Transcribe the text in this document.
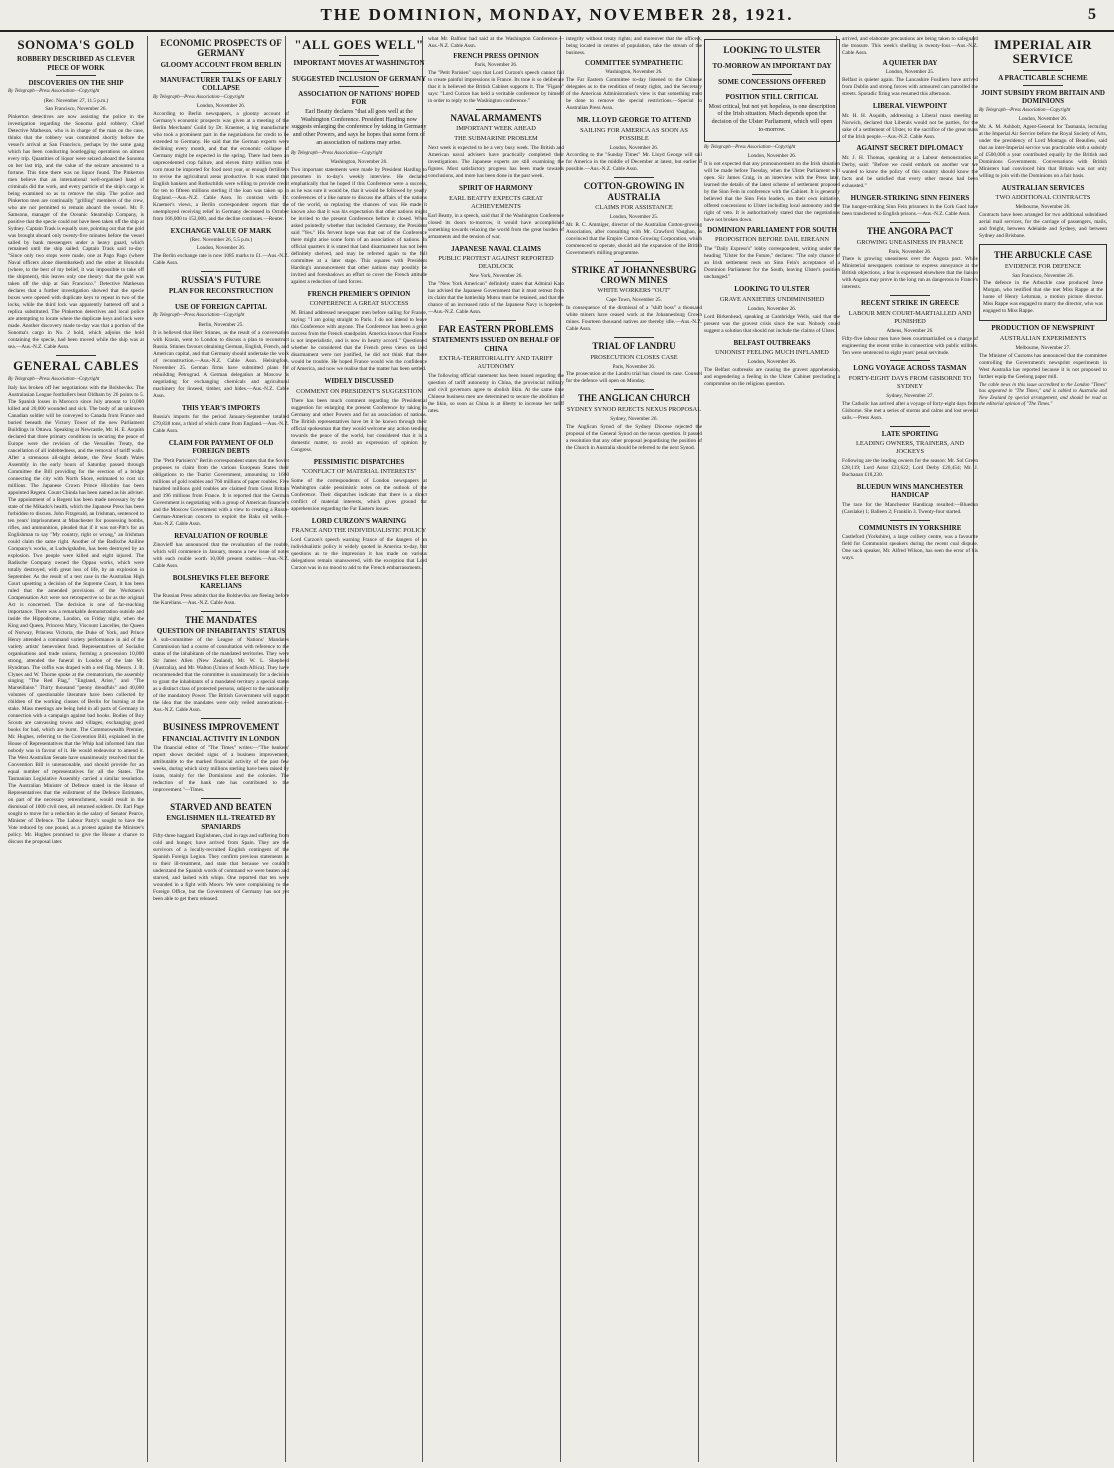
THE DOMINION, MONDAY, NOVEMBER 28, 1921.	5
SONOMA'S GOLD
ROBBERY DESCRIBED AS CLEVER PIECE OF WORK
DISCOVERIES ON THE SHIP
By Telegraph—Press Association—Copyright
(Rec. November 27, 11.5 p.m.)
San Francisco, November 26.
Pinkerton detectives are now assisting the police in the investigation regarding the Sonoma gold robbery. Chief Detective Matheson, who is in charge of the man on the case, thinks that the robbery was committed shortly before the vessel's arrival at San Francisco, perhaps by the same gang which has been conducting bootlegging operations on almost every trip. Quantities of liquor were seized aboard the Sonoma on her last trip, and the value of the seizure amounted to a fortune. This time there was no liquor found. The Pinkerton men believe that an international well-organised band of criminals did the work, and every particle of the ship's cargo is being examined so as to remove the ship. The police and Pinkerton men are continually "grilling" members of the crew, who are not permitted to remain aboard the vessel. Mr. F. Samsonn, manager of the Oceanic Steamship Company, is positive that the specie could not have been taken off the ship at Sydney. Captain Trask is equally sure, pointing out that the gold was brought aboard only twenty-five minutes before the vessel sailed by bank messengers under a heavy guard, which remained until the ship sailed. Captain Trask said to-day: "Since only two stops were made, one at Pago Pago (where Naval officers alone disembarked) and the other at Honolulu (where, to the best of my belief, it was impossible to take off the shipment), this leaves only one theory: that the gold was taken off the ship at San Francisco." Detective Matheson declares that a further investigation showed that the specie boxes were opened with duplicate keys to repeat in two of the locks, while the third lock was apparently battered off and a replica substituted. The Pinkerton detectives and local police are attempting to locate where the duplicate keys and lock were made. Another discovery made to-day was that a portion of the Sonoma's cargo in No. 2 hold, which adjoins the hold containing the specie, had been moved while the ship was at sea.—Aus.-N.Z. Cable Assn.
GENERAL CABLES
By Telegraph—Press Association—Copyright
Italy has broken off her negotiations with the Bolsheviks. The Australasian League footballers beat Oldham by 26 points to 5. The Spanish losses in Morocco since July amount to 10,000 killed and 20,000 wounded and sick. The body of an unknown Canadian soldier will be conveyed to Canada from France and buried beneath the Victory Tower of the new Parliament Buildings in Ottawa. Speaking at Newcastle, Mr. H. E. Asquith declared that three primary conditions in securing the peace of Europe were the revision of the Versailles Treaty, the cancellation of all indebtedness, and the removal of tariff walls. After a strenuous all-night debate, the New South Wales Assembly in the early hours of Saturday passed through Committee the Bill providing for the erection of a bridge connecting the city with North Shore, estimated to cost six millions. The Japanese Crown Prince Hirohito has been appointed Regent. Count Chinda has been named as his adviser. The appointment of a Regent has been made necessary by the state of the Mikado's health, which the Japanese Press has been forbidden to discuss. John Fitzgerald, an Irishman, sentenced to ten years' imprisonment at Manchester for possessing bombs, rifles, and ammunition, pleaded that if it was not-Pitt's for an Englishman to say "My country, right or wrong," an Irishman could claim the same right. Another of the Badische Aniline Company's works, at Ludwigshafen, has been destroyed by an explosion. Two people were killed and eight injured. The Badische Company owned the Oppau works, which were totally destroyed, with great loss of life, by an explosion in September. As the result of a test case in the Australian High Court upsetting a decision of the Supreme Court, it has been ruled that the amended provisions of the Workmen's Compensation Act were not retrospective so far as the original Act is concerned. The decision is one of far-reaching importance. There was a remarkable demonstration outside and inside the Hippodrome, London, on Friday night, when the King and Queen, Princess Mary, Viscount Lascelles, the Queen of Norway, Princess Victoria, the Duke of York, and Prince Henry attended a command variety performance in aid of the variety artists' benevolent fund. Representatives of Socialist organisations and trade unions, forming a procession 10,000 strong, attended the funeral in London of the late Mr. Hyndman. The coffin was draped with a red flag. Messrs. J. R. Clynes and W. Thorne spoke at the crematorium, the assembly singing "The Red Flag," "England, Arise," and "The Marseillaise." Thirty thousand "penny dreadfuls" and 40,000 volumes of questionable literature have been collected by children of the working classes of Berlin for burning at the stake. Mass meetings are being held in all parts of Germany in connection with a campaign against bad books. Bodies of Boy Scouts are canvassing towns and villages, exchanging good books for bad, which are burnt. The Commonwealth Premier, Mr. Hughes, referring to the Convention Bill, explained in the House of Representatives that the Whip had informed him that nobody was in favour of it. He would endeavour to amend it. The West Australian Senate have unanimously resolved that the Convention Bill is unreasonable, and should provide for an equal number of representatives for all the States. The Tasmanian Legislative Assembly carried a similar resolution. The Australian Minister of Defence stated in the House of Representatives that the enlistment of the Defence Estimates, on part of the necessary retrenchment, would result in the dismissal of 1000 civil men, all returned soldiers. Dr. Earl Page sought to move for a reduction in the salary of Senator Pearce, Minister of Defence. The Labour Party's sought to have the Vote reduced by one pound, as a protest against the Minister's policy. Mr. Hughes promised to give the House a chance to discuss the proposal later.
ECONOMIC PROSPECTS OF GERMANY
GLOOMY ACCOUNT FROM BERLIN
MANUFACTURER TALKS OF EARLY COLLAPSE
By Telegraph—Press Association—Copyright
London, November 26.
According to Berlin newspapers, a gloomy account of Germany's economic prospects was given at a meeting of the Berlin Merchants' Guild by Dr. Kraemer, a big manufacturer who took a prominent part in the negotiations for credit to be extended to Germany. He said that the German exports were declining every month, and that the economic collapse of Germany might be expected in the spring. There had been an unprecedented crop failure, and eleven thirty million tons of corn must be imported for food next year, or enough fertilisers to revise the agricultural areas productive. It was stated that English bankers and Rothschilds were willing to provide credit for ten to fifteen millions sterling if the loan was taken up in England.—Aus.-N.Z. Cable Assn. In contrast with Dr. Kraemer's views, a Berlin correspondent reports that the unemployed receiving relief in Germany decreased in October from 166,000 to 152,000, and the decline continues.—Reuter.
EXCHANGE VALUE OF MARK
(Rec. November 26, 5.5 p.m.)
London, November 26.
The Berlin exchange rate is now 1085 marks to £1.—Aus.-N.Z. Cable Assn.
RUSSIA'S FUTURE
PLAN FOR RECONSTRUCTION
USE OF FOREIGN CAPITAL
By Telegraph—Press Association—Copyright
Berlin, November 25.
It is believed that Herr Stinnes, as the result of a conversation with Krasin, went to London to discuss a plan to reconstruct Russia. Stinnes favours obtaining German, English, French, and American capital, and that Germany should undertake the work of reconstruction.—Aus.-N.Z. Cable Assn. Helsingfors, November 25. German firms have submitted plans for rebuilding Petrograd. A German delegation at Moscow is negotiating for exchanging chemicals and agricultural machinery for linseed, timber, and hides.—Aus.-N.Z. Cable Assn.
THIS YEAR'S IMPORTS
Russia's imports for the period January-September totalled £79,838 tons, a third of which came from England.—Aus.-N.Z. Cable Assn.
CLAIM FOR PAYMENT OF OLD FOREIGN DEBTS
The "Petit Parisien's" Berlin correspondent states that the Soviet proposes to claim from the various European States their obligations to the Tsarist Government, amounting to 1660 millions of gold roubles and 760 millions of paper roubles. Five hundred millions gold roubles are claimed from Great Britain and 196 millions from France. It is reported that the German Government is negotiating with a group of American financiers and the Moscow Government with a view to creating a Russo-German-American concern to exploit the Baku oil wells.—Aus.-N.Z. Cable Assn.
REVALUATION OF ROUBLE
Zinovieff has announced that the revaluation of the rouble, which will commence in January, means a new issue of notes with each rouble worth 10,000 present roubles.—Aus.-N.Z. Cable Assn.
BOLSHEVIKS FLEE BEFORE KARELIANS
The Russian Press admits that the Bolsheviks are fleeing before the Karelians.—Aus.-N.Z. Cable Assn.
THE MANDATES
QUESTION OF INHABITANTS' STATUS
A sub-committee of the League of Nations' Mandates Commission had a course of consultation with reference to the status of the inhabitants of the mandated territories. They were Sir James Allen (New Zealand), Mr. W. L. Shepherd (Australia), and Mr. Walton (Union of South Africa). They have recommended that the committee is unanimously for a decision to grant the inhabitants of a mandated territory a special status as a distinct class of protected persons, subject to the nationality of the mandatory Power. The British Government will support the idea that the mandates were only veiled annexations.—Aus.-N.Z. Cable Assn.
BUSINESS IMPROVEMENT
FINANCIAL ACTIVITY IN LONDON
The financial editor of "The Times" writes:—"The bankers' report shows decided signs of a business improvement, attributable to the marked financial activity of the past few weeks, during which sixty millions sterling have been raised by loans, mainly for the Dominions and the colonies. The reduction of the bank rate has contributed to the improvement."—Times.
STARVED AND BEATEN
ENGLISHMEN ILL-TREATED BY SPANIARDS
Fifty-three haggard Englishmen, clad in rags and suffering from cold and hunger, have arrived from Spain. They are the survivors of a locally-recruited English contingent of the Spanish Foreign Legion. They confirm previous statements as to their ill-treatment, and state that because we couldn't understand the Spanish words of command we were beaten and starved, and lashed with whips. One reported that ten were wounded in a fight with Moors. We were complaining to the Foreign Office, but the Government of Germany has not yet been able to get them released.
"ALL GOES WELL"
IMPORTANT MOVES AT WASHINGTON
SUGGESTED INCLUSION OF GERMANY
ASSOCIATION OF NATIONS' HOPED FOR
Earl Beatty declares "that all goes well at the Washington Conference. President Harding now suggests enlarging the conference by taking in Germany and other Powers, and says he hopes that some form of an association of nations may arise.
By Telegraph—Press Association—Copyright
Washington, November 26.
Two important statements were made by President Harding to pressmen in to-day's weekly interview. He declared emphatically that he hoped if this Conference were a success, as he was sure it would be, that it would be followed by yearly conferences of a like nature to discuss the affairs of the nations of the world, so replacing the chances of war. He made it known also that it was his expectation that other nations might be invited to the present Conference before it closed. When asked pointedly whether that included Germany, the President said "Yes." His fervent hope was that out of the Conference there might arise some form of an association of nations. In official quarters it is stated that land disarmament has not been definitely shelved, and may be referred again to the full committee at a later stage. This squares with President Harding's announcement that other nations may possibly be invited and foreshadows an effort to cover the French attitude against a reduction of land forces.
FRENCH PREMIER'S OPINION
CONFERENCE A GREAT SUCCESS
M. Briand addressed newspaper men before sailing for France, saying: "I am going straight to Paris. I do not intend to leave this Conference with anyone. The Conference has been a great success from the French standpoint. America knows that France is not imperialistic, and is now in hearty accord." Questioned whether he considered that the French press views on land disarmament were not justified, he did not think that there would be trouble. He hoped France would win the confidence of America, and now we realise that the matter has been settled.
WIDELY DISCUSSED
COMMENT ON PRESIDENT'S SUGGESTION
There has been much comment regarding the Presidential suggestion for enlarging the present Conference by taking in Germany and other Powers and for an association of nations. The British representatives have let it be known through their official spokesman that they would welcome any action tending towards the peace of the world, but considered that it is a domestic matter, to avoid an expression of opinion by Congress.
PESSIMISTIC DISPATCHES
"CONFLICT OF MATERIAL INTERESTS"
Some of the correspondents of London newspapers at Washington cable pessimistic notes on the outlook of the Conference. Their dispatches indicate that there is a direct conflict of material interests, which gives ground for apprehension regarding the Far Eastern issues.
LORD CURZON'S WARNING
FRANCE AND THE INDIVIDUALISTIC POLICY
Lord Curzon's speech warning France of the dangers of an individualistic policy is widely quoted in America to-day, but questions as to the impression it has made on various delegations remain unanswered, with the exception that Lord Curzon was in no mood to add to the French embarrassments.
what Mr. Balfour had said at the Washington Conference.—Aus.-N.Z. Cable Assn.
FRENCH PRESS OPINION
Paris, November 26.
The "Petit Parisien" says that Lord Curzon's speech cannot fail to create painful impressions in France. Its tone is so deliberate that it is believed the British Cabinet supports it. The "Figaro" says: "Lord Curzon has held a veritable conference by himself in order to reply to the Washington conference."
NAVAL ARMAMENTS
IMPORTANT WEEK AHEAD
THE SUBMARINE PROBLEM
Next week is expected to be a very busy week. The British and American naval advisers have practically completed their investigations. The Japanese experts are still examining the figures. Most satisfactory progress has been made towards conclusions, and more has been done in the past week.
SPIRIT OF HARMONY
EARL BEATTY EXPECTS GREAT ACHIEVEMENTS
Earl Beatty, in a speech, said that if the Washington Conference closed its doors to-morrow, it would have accomplished something towards relaxing the world from the great burden of armaments and the tension of war.
JAPANESE NAVAL CLAIMS
PUBLIC PROTEST AGAINST REPORTED DEADLOCK
New York, November 26.
The "New York American" definitely states that Admiral Kato has advised the Japanese Government that it must retreat from its claim that the battleship Mutsu must be retained, and that the chance of an increased ratio of the Japanese Navy is hopeless.—Aus.-N.Z. Cable Assn.
FAR EASTERN PROBLEMS
STATEMENTS ISSUED ON BEHALF OF CHINA
EXTRA-TERRITORIALITY AND TARIFF AUTONOMY
The following official statement has been issued regarding the question of tariff autonomy in China, the provincial military and civil governors agree to abolish likin. At the same time Chinese business men are determined to secure the abolition of the likin, so soon as China is at liberty to increase her tariff rates.
integrity without treaty rights; and moreover that the officers, being located in centres of population, take the stream of the business.
COMMITTEE SYMPATHETIC
Washington, November 26.
The Far Eastern Committee to-day listened to the Chinese delegates as to the rendition of treaty rights, and the Secretary of the American Administration's view is that something must be done to remove the special restrictions.—Special to Australian Press Assn.
MR. LLOYD GEORGE TO ATTEND
SAILING FOR AMERICA AS SOON AS POSSIBLE
London, November 26.
According to the "Sunday Times" Mr. Lloyd George will sail for America in the middle of December at latest, but earlier if possible.—Aus.-N.Z. Cable Assn.
COTTON-GROWING IN AUSTRALIA
CLAIMS FOR ASSISTANCE
London, November 25.
Mr. R. C. Ammiger, director of the Australian Cotton-growing Association, after consulting with Mr. Crawford Vaughan, is convinced that the Empire Cotton Growing Corporation, which commenced to operate, should aid the expansion of the British Government's milling programme.
STRIKE AT JOHANNESBURG CROWN MINES
WHITE WORKERS "OUT"
Cape Town, November 25.
In consequence of the dismissal of a "shift boss" a thousand white miners have ceased work at the Johannesburg Crown mines. Fourteen thousand natives are thereby idle.—Aus.-N.Z. Cable Assn.
TRIAL OF LANDRU
PROSECUTION CLOSES CASE
Paris, November 26.
The prosecution at the Landru trial has closed its case. Counsel for the defence will open on Monday.
THE ANGLICAN CHURCH
SYDNEY SYNOD REJECTS NEXUS PROPOSAL
Sydney, November 26.
The Anglican Synod of the Sydney Diocese rejected the proposal of the General Synod on the nexus question. It passed a resolution that any other proposal jeopardising the position of the Church in Australia should be referred to the next Synod.
LOOKING TO ULSTER
TO-MORROW AN IMPORTANT DAY
SOME CONCESSIONS OFFERED
POSITION STILL CRITICAL
Most critical, but not yet hopeless, is one description of the Irish situation. Much depends upon the decision of the Ulster Parliament, which will open to-morrow.
By Telegraph—Press Association—Copyright
London, November 26.
It is not expected that any pronouncement on the Irish situation will be made before Tuesday, when the Ulster Parliament will open. Sir James Craig, in an interview with the Press later, learned the details of the latest scheme of settlement proposed by the Sinn Fein in conference with the Cabinet. It is generally believed that the Sinn Fein leaders, on their own initiative, offered concessions to Ulster including local autonomy and the right of veto. It is authoritatively stated that the negotiations have not broken down.
DOMINION PARLIAMENT FOR SOUTH
PROPOSITION BEFORE DAIL EIREANN
The "Daily Express's" lobby correspondent, writing under the heading "Ulster for the Future," declares: "The only chance of an Irish settlement rests on Sinn Fein's acceptance of a Dominion Parliament for the South, leaving Ulster's position unchanged."
LOOKING TO ULSTER
GRAVE ANXIETIES UNDIMINISHED
London, November 26.
Lord Birkenhead, speaking at Cambridge Wells, said that the present was the gravest crisis since the war. Nobody could suggest a solution that should not include the claims of Ulster.
BELFAST OUTBREAKS
UNIONIST FEELING MUCH INFLAMED
London, November 26.
The Belfast outbreaks are causing the gravest apprehension, and engendering a feeling in the Ulster Cabinet precluding a compromise on the religious question.
arrived, and elaborate precautions are being taken to safeguard the treasure. This week's shelling is twenty-four.—Aus.-N.Z. Cable Assn.
A QUIETER DAY
London, November 25.
Belfast is quieter again. The Lancashire Fusiliers have arrived from Dublin and strong forces with armoured cars patrolled the streets. Sporadic firing was resumed this afternoon.
LIBERAL VIEWPOINT
Mr. H. H. Asquith, addressing a Liberal mass meeting at Norwich, declared that Liberals would not be parties, for the sake of a settlement of Ulster, to the sacrifice of the great mass of the Irish people.—Aus.-N.Z. Cable Assn.
AGAINST SECRET DIPLOMACY
Mr. J. H. Thomas, speaking at a Labour demonstration at Derby, said: "Before we could embark on another war we wanted to know the policy of this country should know the facts and be satisfied that every other means had been exhausted."
HUNGER-STRIKING SINN FEINERS
The hunger-striking Sinn Fein prisoners in the Cork Gaol have been transferred to English prisons.—Aus.-N.Z. Cable Assn.
THE ANGORA PACT
GROWING UNEASINESS IN FRANCE
Paris, November 26.
There is growing uneasiness over the Angora pact. While Ministerial newspapers continue to express annoyance at the British objections, a fear is expressed elsewhere that the liaison with Angora may prove in the long run as dangerous to France's interests.
RECENT STRIKE IN GREECE
LABOUR MEN COURT-MARTIALLED AND PUNISHED
Athens, November 26.
Fifty-five labour men have been courtmartialled on a charge of engineering the recent strike in connection with public utilities. Ten were sentenced to eight years' penal servitude.
LONG VOYAGE ACROSS TASMAN
FORTY-EIGHT DAYS FROM GISBORNE TO SYDNEY
Sydney, November 27.
The Catholic has arrived after a voyage of forty-eight days from Gisborne. She met a series of storms and calms and lost several sails.—Press Assn.
LATE SPORTING
LEADING OWNERS, TRAINERS, AND JOCKEYS
Following are the leading owners for the season: Mr. Sol Green £28,119; Lord Astor £23,622; Lord Derby £20,454; Mr. J. Buchanan £18,230.
BLUEDUN WINS MANCHESTER HANDICAP
The race for the Manchester Handicap resulted:—Bluedun (Carslake) 1; Balleen 2; Franklin 3. Twenty-four started.
COMMUNISTS IN YORKSHIRE
Castleford (Yorkshire), a large colliery centre, was a favourite field for Communist speakers during the recent coal dispute. One such speaker, Mr. Alfred Wilson, has seen the error of his ways.
IMPERIAL AIR SERVICE
A PRACTICABLE SCHEME
JOINT SUBSIDY FROM BRITAIN AND DOMINIONS
By Telegraph—Press Association—Copyright
London, November 26.
Mr. A. M. Ashbolt, Agent-General for Tasmania, lecturing at the Imperial Air Service before the Royal Society of Arts, under the presidency of Lord Montagu of Beaulieu, said that an inter-Imperial service was practicable with a subsidy of £500,000 a year contributed equally by the British and Dominions Governments. Conversations with British Ministers had convinced him that Britain was not only willing to join with the Dominions on a fair basis.
AUSTRALIAN SERVICES
TWO ADDITIONAL CONTRACTS
Melbourne, November 26.
Contracts have been arranged for two additional subsidised aerial mail services, for the carriage of passengers, mails, and freight, between Adelaide and Sydney, and between Sydney and Brisbane.
THE ARBUCKLE CASE
EVIDENCE FOR DEFENCE
San Francisco, November 26.
The defence in the Arbuckle case produced Irene Morgan, who testified that she met Miss Rappe at the home of Henry Lehrman, a motion picture director. Miss Rappe was engaged to marry the director, who was engaged to Miss Rappe.
PRODUCTION OF NEWSPRINT
AUSTRALIAN EXPERIMENTS
Melbourne, November 27.
The Minister of Customs has announced that the committee controlling the Government's newsprint experiments in West Australia has reported because it is not proposed to further equip the Geelong paper mill.
The cable news in this issue accredited to the London "Times" has appeared in "The Times," and is cabled to Australia and New Zealand by special arrangement, and should be read as the editorial opinion of "The Times."
